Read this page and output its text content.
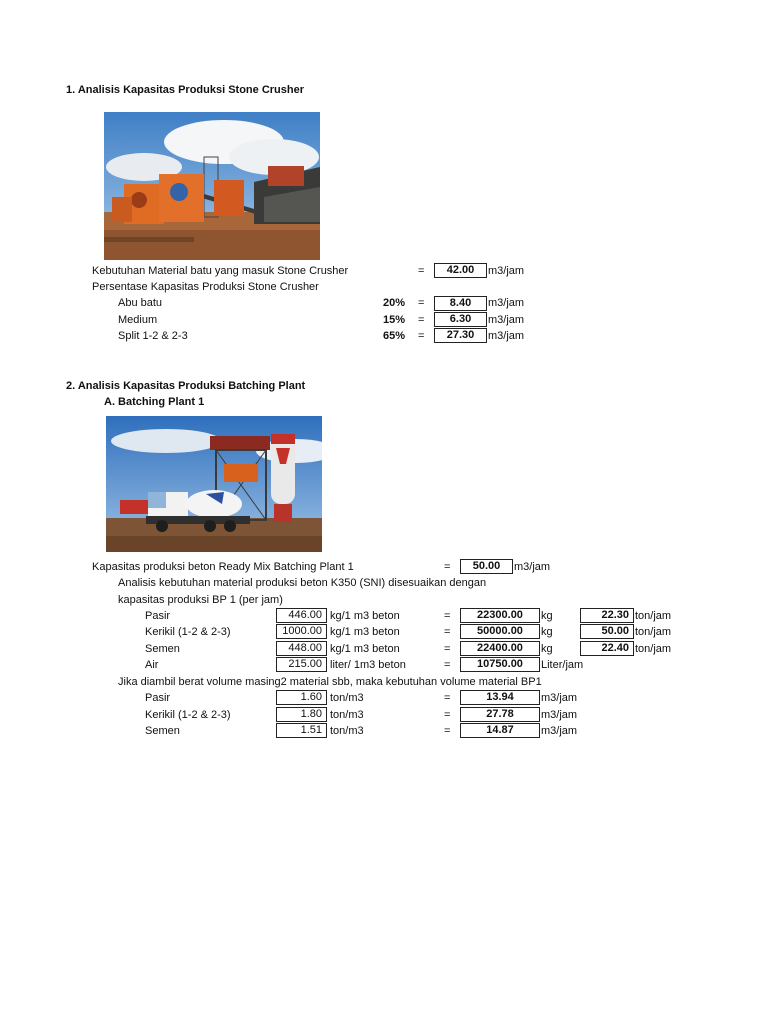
1. Analisis Kapasitas Produksi Stone Crusher
Kebutuhan Material batu yang masuk Stone Crusher	=	42.00	m3/jam
Persentase Kapasitas Produksi Stone Crusher
Abu batu	20% =	8.40	m3/jam
Medium	15% =	6.30	m3/jam
Split 1-2 & 2-3	65% =	27.30	m3/jam
2. Analisis Kapasitas Produksi Batching Plant
A. Batching Plant 1
Kapasitas produksi beton Ready Mix Batching Plant 1	=	50.00	m3/jam
Analisis kebutuhan material produksi beton K350 (SNI) disesuaikan dengan
kapasitas produksi BP 1 (per jam)
Pasir	446.00 kg/1 m3 beton	=	22300.00	kg	22.30 ton/jam
Kerikil (1-2 & 2-3)	1000.00 kg/1 m3 beton	=	50000.00	kg	50.00 ton/jam
Semen	448.00 kg/1 m3 beton	=	22400.00	kg	22.40 ton/jam
Air	215.00 liter/ 1m3 beton	=	10750.00	Liter/jam
Jika diambil berat volume masing2 material sbb, maka kebutuhan volume material BP1
Pasir	1.60 ton/m3	=	13.94	m3/jam
Kerikil (1-2 & 2-3)	1.80 ton/m3	=	27.78	m3/jam
Semen	1.51 ton/m3	=	14.87	m3/jam
